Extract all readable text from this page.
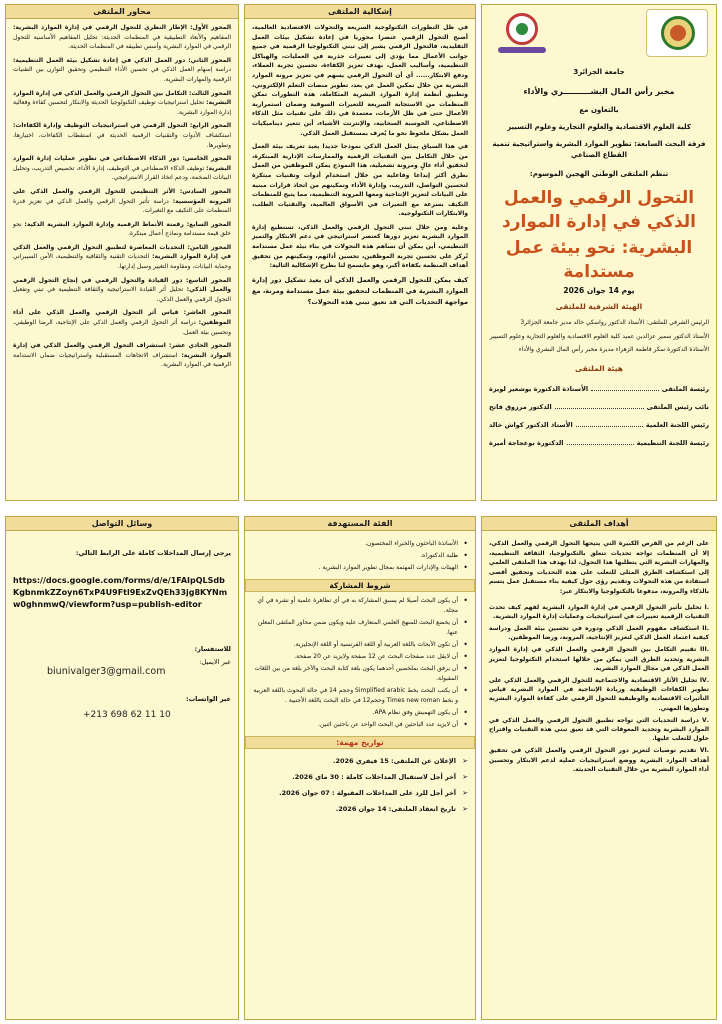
جامعة الجزائر3
مخبر رأس المال البشــــــــــري والأداء
بالتعاون مع
كلية العلوم الاقتصادية والعلوم التجارية وعلوم التسيير
فرقة البحث السابعة: تطوير الموارد البشرية واستراتيجية تنمية القطاع الصناعي
تنظم الملتقى الوطني الهجين الموسوم:
التحول الرقمي والعمل الذكي في إدارة الموارد
البشرية: نحو بيئة عمل مستدامة
يوم 14 جوان 2026
الهيئة الشرفية للملتقى
الرئيس الشرفي للملتقى: الأستاذ الدكتور رواسكي خالد مدير جامعة الجزائر3
الأستاذ الدكتور سمير عزالدين عميد كلية العلوم الاقتصادية والعلوم التجارية وعلوم التسيير
الأستاذة الدكتورة سكر فاطمة الزهراء مديرة مخبر رأس المال البشري والأداء
هيئة الملتقى
رئيسة الملتقى
الأستاذة الدكتورة بوشعير لويزة
نائب رئيس الملتقى
الدكتور مرزوق فاتح
رئيس اللجنة العلمية
الأستاذ الدكتور كواش خالد
رئيسة اللجنة التنظيمية
الدكتورة بوعجاجة أميرة
إشكالية الملتقى
في ظل التطورات التكنولوجية السريعة والتحولات الاقتصادية العالمية، أصبح التحول الرقمي عنصرا محوريا في إعادة تشكيل بيئات العمل التقليدية، فالتحول الرقمي يشير إلى تبني التكنولوجيا الرقمية في جميع جوانب الأعمال مما يؤدي إلى تغييرات جذرية في العمليات، والهياكل التنظيمية، وأساليب العمل، بهدف تعزيز الكفاءة، تحسين تجربة العملاء، ودفع الابتكار...... أي أن التحول الرقمي يسهم في تعزيز مرونة الموارد البشرية من خلال تمكين العمل عن بعد، تطوير منصات التعلم الإلكتروني، وتطبيق أنظمة إدارة الموارد البشرية المتكاملة، هذه التطورات تمكن المنظمات من الاستجابة السريعة للتغيرات السوقية وضمان استمرارية الأعمال حتى في ظل الأزمات، معتمدة في ذلك على تقنيات مثل الذكاء الاصطناعي، الحوسبة السحابية، والإنترنت الأشياء، أين تتغير ديناميكيات العمل بشكل ملحوظ نحو ما يُعرف بمستقبل العمل الذكي.
في هذا السياق يمثل العمل الذكي نموذجا جديدا يعيد تعريف بيئة العمل من خلال التكامل بين التقنيات الرقمية والممارسات الإدارية المبتكرة، لتحقيق أداء عالٍ ومرونة تشغيلية، هذا النموذج يمكن الموظفين من العمل بطرق أكثر إبداعا وفاعلية من خلال استخدام أدوات وتقنيات مبتكرة لتحسين التواصل، التدريب، وإدارة الأداء وتمكينهم من اتخاذ قرارات مبنية على البيانات لتعزيز الإنتاجية ومعها المرونة التنظيمية، مما يتيح للمنظمات التكيف بسرعة مع التغيرات في الأسواق العالمية، والتقنيات الطلب، والابتكارات التكنولوجية.
وعليه ومن خلال تبني التحول الرقمي والعمل الذكي، تستطيع إدارة الموارد البشرية تعزيز دورها كعنصر استراتيجي في دعم الابتكار والتميز التنظيمي، أين يمكن أن تساهم هذه التحولات في بناء بيئة عمل مستدامة تُركز على تحسين تجربة الموظفين، تحسين أدائهم، وتمكينهم من تحقيق أهداف المنظمة بكفاءة أكبر، وهو مايسمح لنا بطرح الإشكالية التالية:
كيف يمكن للتحول الرقمي والعمل الذكي أن يعيد تشكيل دور إدارة الموارد البشرية في المنظمات لتحقيق بيئة عمل مستدامة ومرنة، مع مواجهة التحديات التي قد تعيق تبني هذه التحولات؟
محاور الملتقى
المحور الأول: الإطار النظري للتحول الرقمي في إدارة الموارد البشرية: المفاهيم والأبعاد التطبيقية في المنظمات الحديثة: تحليل المفاهيم الأساسية للتحول الرقمي في الموارد البشرية وأسس تطبيقه في المنظمات الحديثة.
المحور الثاني: دور العمل الذكي في إعادة تشكيل بيئة العمل التنظيمية: دراسة إسهام العمل الذكي في تحسين الأداء التنظيمي وتحقيق التوازن بين التقنيات الرقمية والمهارات البشرية.
المحور الثالث: التكامل بين التحول الرقمي والعمل الذكي في إدارة الموارد البشرية: تحليل استراتيجيات توظيف التكنولوجيا الحديثة والابتكار لتحسين كفاءة وفعالية إدارة الموارد البشرية.
المحور الرابع: التحول الرقمي في استراتيجيات التوظيف وإدارة الكفاءات: استكشاف الأدوات والتقنيات الرقمية الحديثة في استقطاب الكفاءات، اختيارها، وتطويرها.
المحور الخامس: دور الذكاء الاصطناعي في تطوير عمليات إدارة الموارد البشرية: توظيف الذكاء الاصطناعي في التوظيف، إدارة الأداء، تخصيص التدريب، وتحليل البيانات الضخمة، ودعم اتخاذ القرار الاستراتيجي.
المحور السادس: الأثر التنظيمي للتحول الرقمي والعمل الذكي على المرونة المؤسسية: دراسة تأثير التحول الرقمي والعمل الذكي في تعزيز قدرة المنظمات على التكيف مع التغيرات.
المحور السابع: رقمنة الأنماط الرقمية وإدارة الموارد البشرية الذكية: نحو خلق قيمة مستدامة ونماذج أعمال مبتكرة.
المحور الثامن: التحديات المعاصرة لتطبيق التحول الرقمي والعمل الذكي في إدارة الموارد البشرية: التحديات التقنية والثقافية والتنظيمية، الأمن السيبراني وحماية البيانات، ومقاومة التغيير وسبل إدارتها.
المحور التاسع: دور القيادة والتحول الرقمي في إنجاح التحول الرقمي والعمل الذكي: تحليل أثر القيادة الاستراتيجية والثقافة التنظيمية في تبني وتفعيل التحول الرقمي والعمل الذكي.
المحور العاشر: قياس أثر التحول الرقمي والعمل الذكي على أداء الموظفين: دراسة أثر التحول الرقمي والعمل الذكي على الإنتاجية، الرضا الوظيفي، وتحسين بيئة العمل.
المحور الحادي عشر: استشراف التحول الرقمي والعمل الذكي في إدارة الموارد البشرية: استشراف الاتجاهات المستقبلية واستراتيجيات ضمان الاستدامة الرقمية في الموارد البشرية.
أهداف الملتقى
على الرغم من الفرص الكبيرة التي يتيحها التحول الرقمي والعمل الذكي، إلا أن المنظمات تواجه تحديات تتعلق بالتكنولوجيا، الثقافة التنظيمية، والمهارات البشرية التي يتطلبها هذا التحول، لذا يهدف هذا الملتقى العلمي إلى استكشاف الطرق المثلى للتغلب على هذه التحديات وتحقيق أقصى استفادة من هذه التحولات وتقديم رؤى حول كيفية بناء مستقبل عمل يتسم بالذكاء والمرونة، مدفوعا بالتكنولوجيا والابتكار عبر:
.I تحليل تأثير التحول الرقمي في إدارة الموارد البشرية لفهم كيف تحدث التقنيات الرقمية تغييرات في استراتيجيات وعمليات إدارة الموارد البشرية.
.II استكشاف مفهوم العمل الذكي ودوره في تحسين بيئة العمل ودراسة كيفية اعتماد العمل الذكي لتعزيز الإنتاجية، المرونة، ورضا الموظفين.
.III تقييم التكامل بين التحول الرقمي والعمل الذكي في إدارة الموارد البشرية وتحديد الطرق التي يمكن من خلالها استخدام التكنولوجيا لتعزيز العمل الذكي في مجال الموارد البشرية.
.IV تحليل الأثار الاقتصادية والاجتماعية للتحول الرقمي والعمل الذكي على تطوير الكفاءات الوظيفية وزيادة الإنتاجية في الموارد البشرية قياس التأثيرات الاقتصادية والوظيفية للتحول الرقمي على كفاءة الموارد البشرية وتطورها المهني.
.V دراسة التحديات التي تواجه تطبيق التحول الرقمي والعمل الذكي في الموارد البشرية وتحديد المعوقات التي قد تعيق تبني هذه التقنيات واقتراح حلول للتغلب عليها.
.VI تقديم توصيات لتعزيز دور التحول الرقمي والعمل الذكي في تحقيق أهداف الموارد البشرية ووضع استراتيجيات عملية لدعم الابتكار وتحسين أداء الموارد البشرية من خلال التقنيات الحديثة.
الفئة المستهدفة
• الأساتذة الباحثون والخبراء المختصون.
• طلبة الدكتوراه.
• الهيئات والإدارات المهتمة بمجال تطوير الموارد البشرية .
شروط المشاركة
• أن يكون البحث أصيلا لم يسبق المشاركة به في أي تظاهرة علمية أو نشره في أي مجلة.
• أن يخضع البحث للمنهج العلمي المتعارف عليه ويكون ضمن محاور الملتقى المعلن عنها.
• أن تكون الأبحاث باللغة العربية أو اللغة الفرنسية أو اللغة الإنجليزية.
• أن لايقل عدد صفحات البحث عن 12 صفحة ولايزيد عن 20 صفحة.
• أن يرفق البحث بملخصين أحدهما يكون بلغة كتابة البحث والآخر بلغة من بين اللغات المقبولة.
• أن يكتب البحث بخط Simplified arabic وحجم 14 في حالة البحوث باللغة العربية و بخط Times new roman وحجم12 في حالة البحث باللغة الأجنبية .
• أن يكون التهميش وفق نظام APA.
• أن لايزيد عدد الباحثين في البحث الواحد عن باحثين اثنين.
تواريخ مهمة:
➢ الإعلان عن الملتقى: 15 فيفري 2026.
➢ آخر أجل لاستقبال المداخلات كاملة : 30 ماي 2026.
➢ آخر أجل للرد على المداخلات المقبولة : 07 جوان 2026.
➢ تاريخ انعقاد الملتقى: 14 جوان 2026.
وسائل التواصل
يرجى إرسال المداخلات كاملة على الرابط التالي:
https://docs.google.com/forms/d/e/1FAIpQLSdbKgbnmkZZoyn6TxP4U9Ftl9ExZvQEh33jg8KYNmw0ghnmwQ/viewform?usp=publish-editor
للاستفسار:
عبر الايميل:
biunivalger3@gmail.com
عبر الواتساب:
+213 698 62 11 10
